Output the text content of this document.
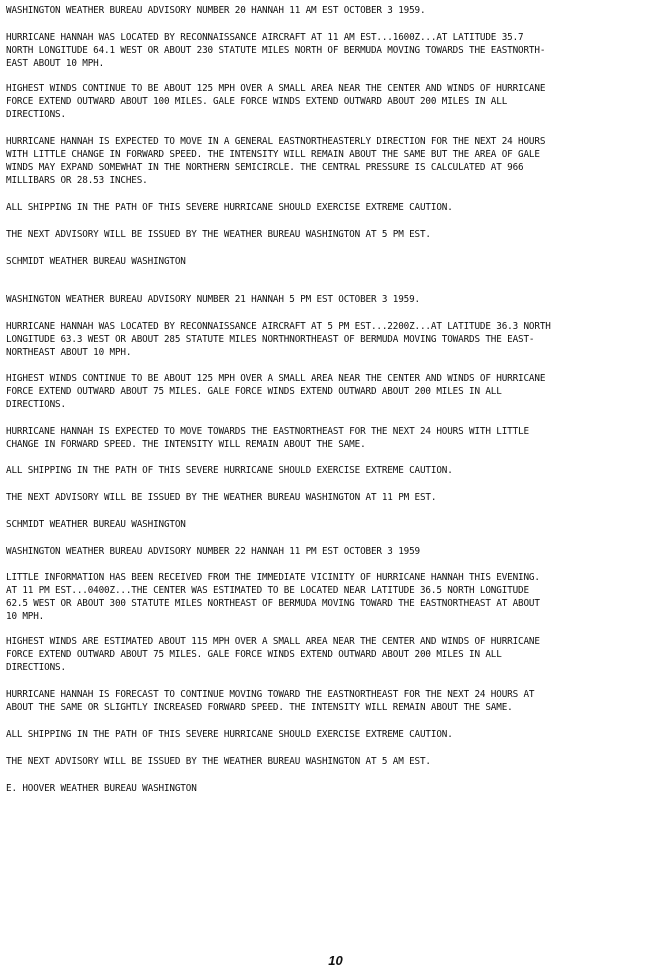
WASHINGTON WEATHER BUREAU ADVISORY NUMBER 20 HANNAH 11 AM EST OCTOBER 3 1959.
HURRICANE HANNAH WAS LOCATED BY RECONNAISSANCE AIRCRAFT AT 11 AM EST...1600Z...AT LATITUDE 35.7
NORTH LONGITUDE 64.1 WEST OR ABOUT 230 STATUTE MILES NORTH OF BERMUDA MOVING TOWARDS THE EASTNORTH-
EAST ABOUT 10 MPH.
HIGHEST WINDS CONTINUE TO BE ABOUT 125 MPH OVER A SMALL AREA NEAR THE CENTER AND WINDS OF HURRICANE
FORCE EXTEND OUTWARD ABOUT 100 MILES. GALE FORCE WINDS EXTEND OUTWARD ABOUT 200 MILES IN ALL
DIRECTIONS.
HURRICANE HANNAH IS EXPECTED TO MOVE IN A GENERAL EASTNORTHEASTERLY DIRECTION FOR THE NEXT 24 HOURS
WITH LITTLE CHANGE IN FORWARD SPEED. THE INTENSITY WILL REMAIN ABOUT THE SAME BUT THE AREA OF GALE
WINDS MAY EXPAND SOMEWHAT IN THE NORTHERN SEMICIRCLE. THE CENTRAL PRESSURE IS CALCULATED AT 966
MILLIBARS OR 28.53 INCHES.
ALL SHIPPING IN THE PATH OF THIS SEVERE HURRICANE SHOULD EXERCISE EXTREME CAUTION.
THE NEXT ADVISORY WILL BE ISSUED BY THE WEATHER BUREAU WASHINGTON AT 5 PM EST.
SCHMIDT WEATHER BUREAU WASHINGTON
WASHINGTON WEATHER BUREAU ADVISORY NUMBER 21 HANNAH 5 PM EST OCTOBER 3 1959.
HURRICANE HANNAH WAS LOCATED BY RECONNAISSANCE AIRCRAFT AT 5 PM EST...2200Z...AT LATITUDE 36.3 NORTH
LONGITUDE 63.3 WEST OR ABOUT 285 STATUTE MILES NORTHNORTHEAST OF BERMUDA MOVING TOWARDS THE EAST-
NORTHEAST ABOUT 10 MPH.
HIGHEST WINDS CONTINUE TO BE ABOUT 125 MPH OVER A SMALL AREA NEAR THE CENTER AND WINDS OF HURRICANE
FORCE EXTEND OUTWARD ABOUT 75 MILES. GALE FORCE WINDS EXTEND OUTWARD ABOUT 200 MILES IN ALL
DIRECTIONS.
HURRICANE HANNAH IS EXPECTED TO MOVE TOWARDS THE EASTNORTHEAST FOR THE NEXT 24 HOURS WITH LITTLE
CHANGE IN FORWARD SPEED. THE INTENSITY WILL REMAIN ABOUT THE SAME.
ALL SHIPPING IN THE PATH OF THIS SEVERE HURRICANE SHOULD EXERCISE EXTREME CAUTION.
THE NEXT ADVISORY WILL BE ISSUED BY THE WEATHER BUREAU WASHINGTON AT 11 PM EST.
SCHMIDT WEATHER BUREAU WASHINGTON
WASHINGTON WEATHER BUREAU ADVISORY NUMBER 22 HANNAH 11 PM EST OCTOBER 3 1959
LITTLE INFORMATION HAS BEEN RECEIVED FROM THE IMMEDIATE VICINITY OF HURRICANE HANNAH THIS EVENING.
AT 11 PM EST...0400Z...THE CENTER WAS ESTIMATED TO BE LOCATED NEAR LATITUDE 36.5 NORTH LONGITUDE
62.5 WEST OR ABOUT 300 STATUTE MILES NORTHEAST OF BERMUDA MOVING TOWARD THE EASTNORTHEAST AT ABOUT
10 MPH.
HIGHEST WINDS ARE ESTIMATED ABOUT 115 MPH OVER A SMALL AREA NEAR THE CENTER AND WINDS OF HURRICANE
FORCE EXTEND OUTWARD ABOUT 75 MILES. GALE FORCE WINDS EXTEND OUTWARD ABOUT 200 MILES IN ALL
DIRECTIONS.
HURRICANE HANNAH IS FORECAST TO CONTINUE MOVING TOWARD THE EASTNORTHEAST FOR THE NEXT 24 HOURS AT
ABOUT THE SAME OR SLIGHTLY INCREASED FORWARD SPEED. THE INTENSITY WILL REMAIN ABOUT THE SAME.
ALL SHIPPING IN THE PATH OF THIS SEVERE HURRICANE SHOULD EXERCISE EXTREME CAUTION.
THE NEXT ADVISORY WILL BE ISSUED BY THE WEATHER BUREAU WASHINGTON AT 5 AM EST.
E. HOOVER WEATHER BUREAU WASHINGTON
10
